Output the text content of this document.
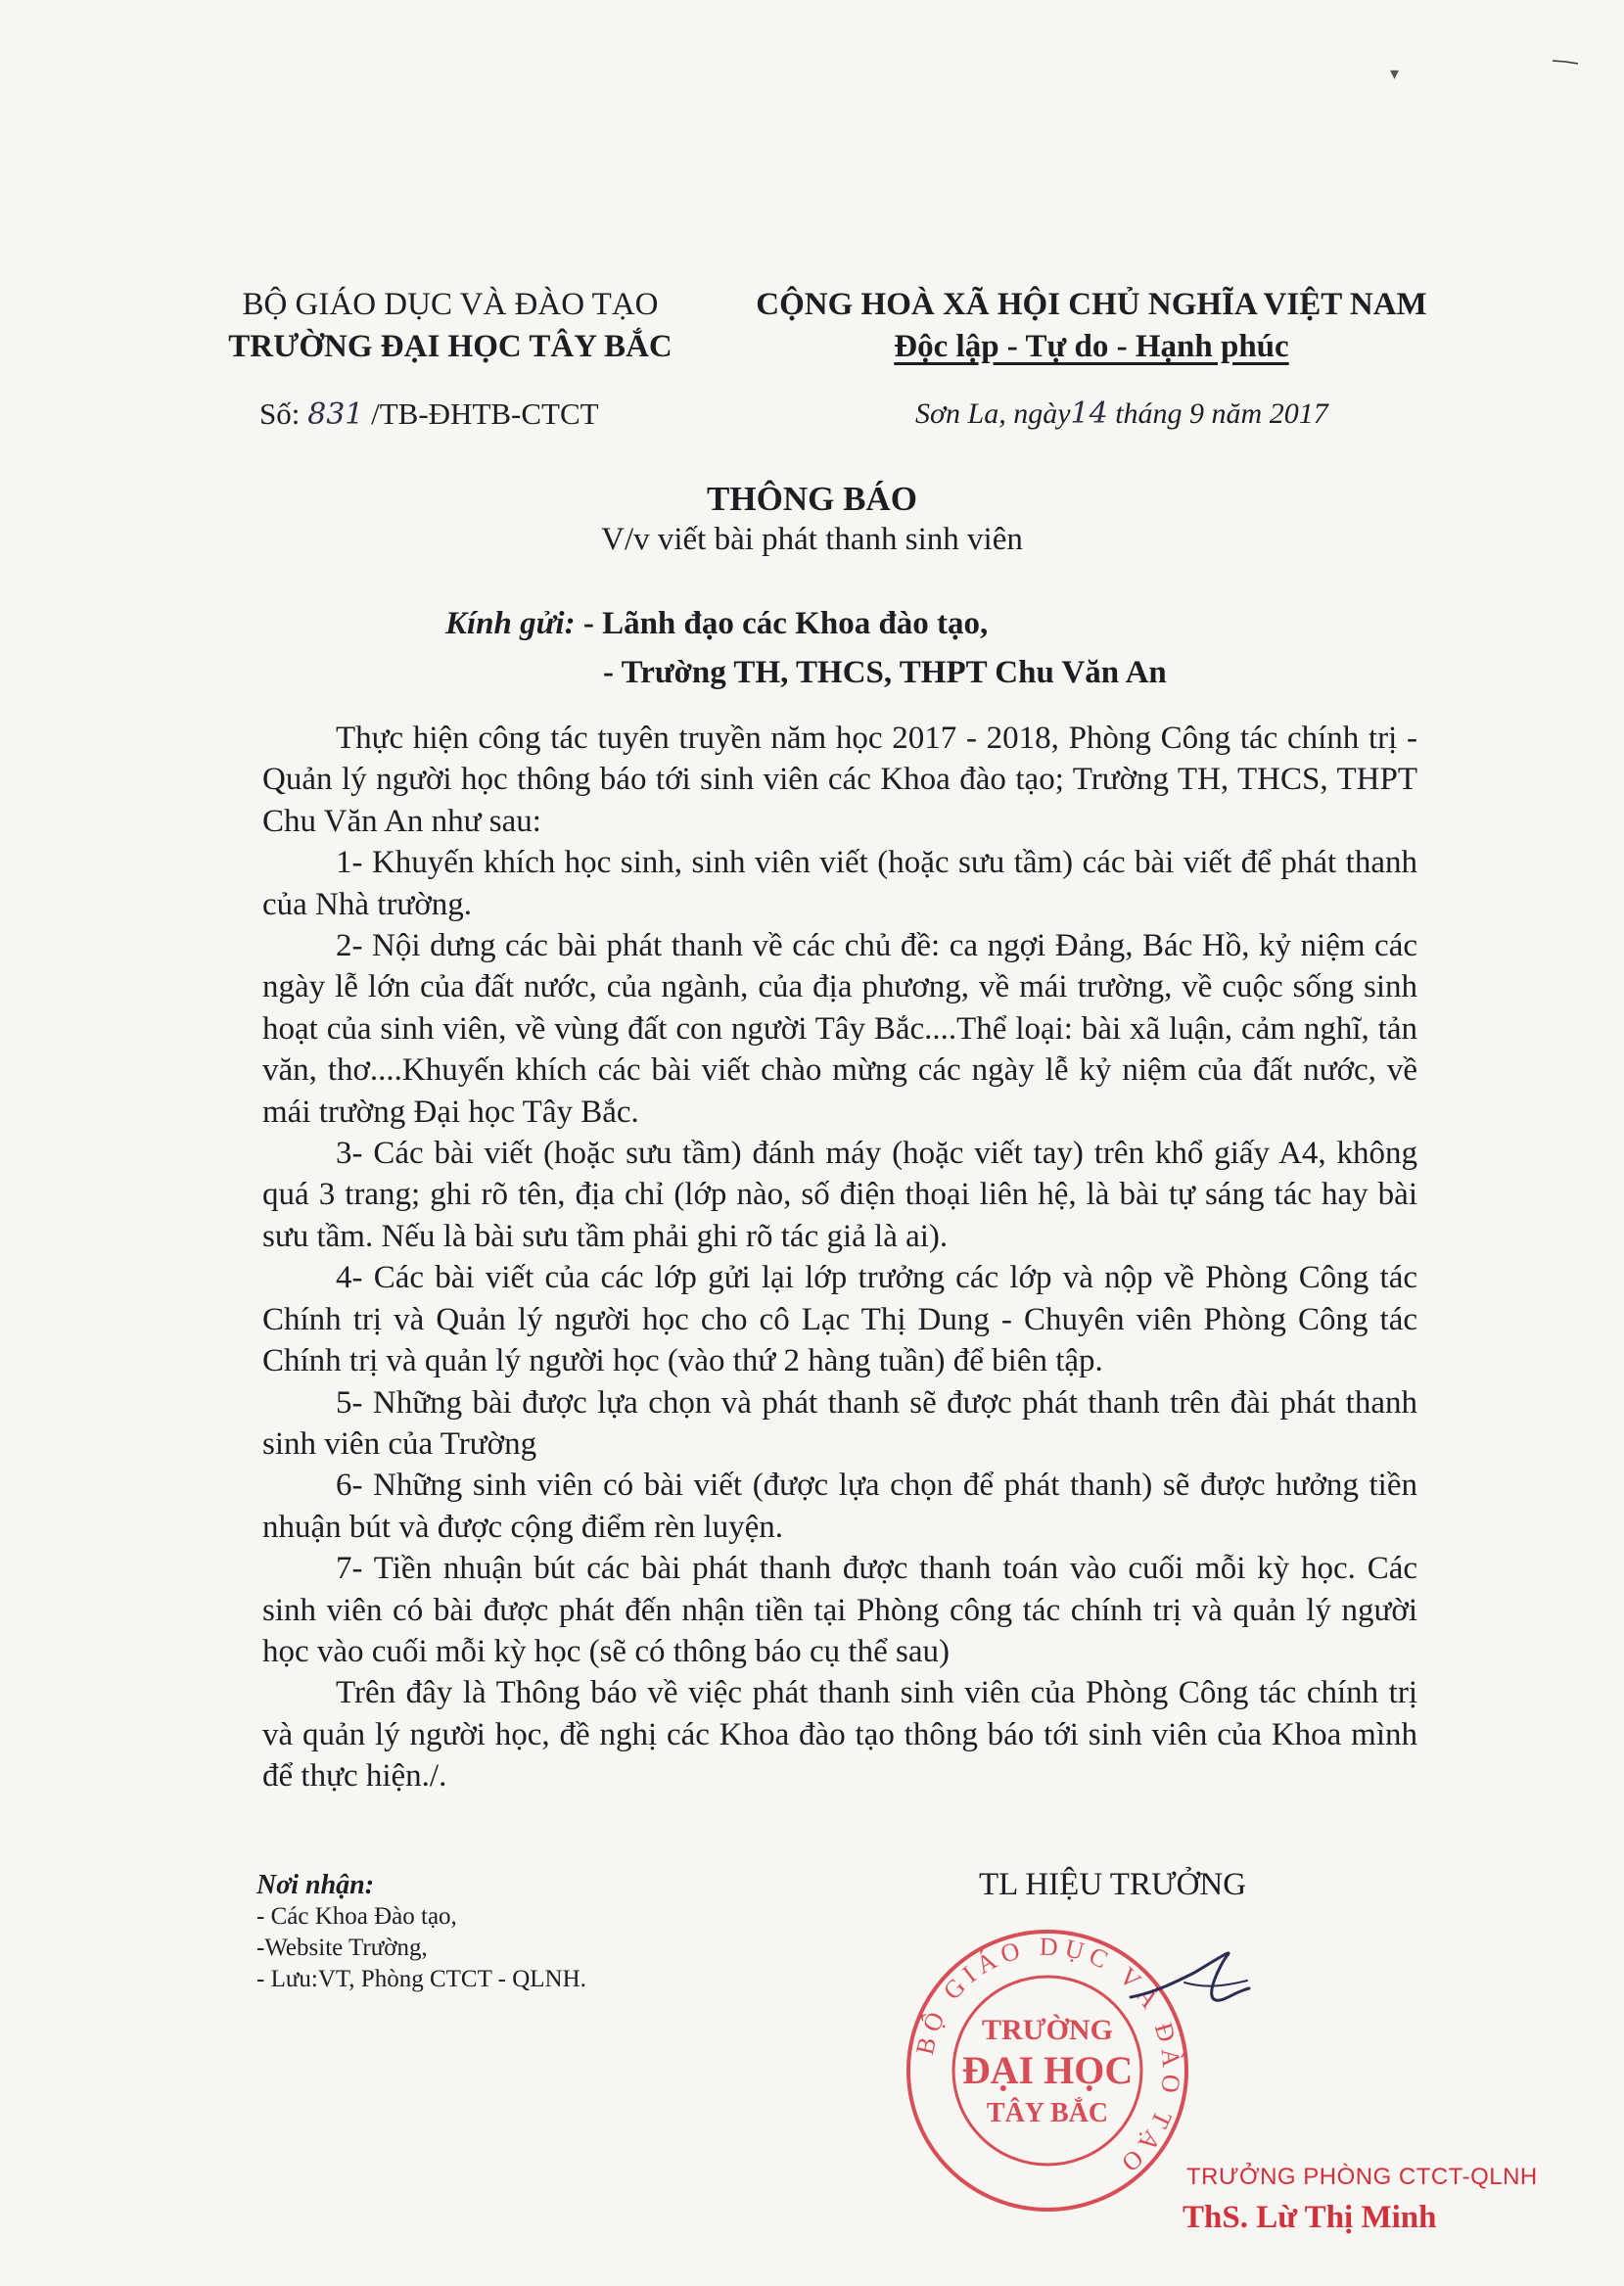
▾
BỘ GIÁO DỤC VÀ ĐÀO TẠO
TRƯỜNG ĐẠI HỌC TÂY BẮC
CỘNG HOÀ XÃ HỘI CHỦ NGHĨA VIỆT NAM
Độc lập - Tự do - Hạnh phúc
Số: 831 /TB-ĐHTB-CTCT	Sơn La, ngày14 tháng 9 năm 2017
THÔNG BÁO
V/v viết bài phát thanh sinh viên
Kính gửi: - Lãnh đạo các Khoa đào tạo,
- Trường TH, THCS, THPT Chu Văn An

Thực hiện công tác tuyên truyền năm học 2017 - 2018, Phòng Công tác chính trị - Quản lý người học thông báo tới sinh viên các Khoa đào tạo; Trường TH, THCS, THPT Chu Văn An như sau:

1- Khuyến khích học sinh, sinh viên viết (hoặc sưu tầm) các bài viết để phát thanh của Nhà trường.

2- Nội dưng các bài phát thanh về các chủ đề: ca ngợi Đảng, Bác Hồ, kỷ niệm các ngày lễ lớn của đất nước, của ngành, của địa phương, về mái trường, về cuộc sống sinh hoạt của sinh viên, về vùng đất con người Tây Bắc....Thể loại: bài xã luận, cảm nghĩ, tản văn, thơ....Khuyến khích các bài viết chào mừng các ngày lễ kỷ niệm của đất nước, về mái trường Đại học Tây Bắc.

3- Các bài viết (hoặc sưu tầm) đánh máy (hoặc viết tay) trên khổ giấy A4, không quá 3 trang; ghi rõ tên, địa chỉ (lớp nào, số điện thoại liên hệ, là bài tự sáng tác hay bài sưu tầm. Nếu là bài sưu tầm phải ghi rõ tác giả là ai).

4- Các bài viết của các lớp gửi lại lớp trưởng các lớp và nộp về Phòng Công tác Chính trị và Quản lý người học cho cô Lạc Thị Dung - Chuyên viên Phòng Công tác Chính trị và quản lý người học (vào thứ 2 hàng tuần) để biên tập.

5- Những bài được lựa chọn và phát thanh sẽ được phát thanh trên đài phát thanh sinh viên của Trường

6- Những sinh viên có bài viết (được lựa chọn để phát thanh) sẽ được hưởng tiền nhuận bút và được cộng điểm rèn luyện.

7- Tiền nhuận bút các bài phát thanh được thanh toán vào cuối mỗi kỳ học. Các sinh viên có bài được phát đến nhận tiền tại Phòng công tác chính trị và quản lý người học vào cuối mỗi kỳ học (sẽ có thông báo cụ thể sau)

Trên đây là Thông báo về việc phát thanh sinh viên của Phòng Công tác chính trị và quản lý người học, đề nghị các Khoa đào tạo thông báo tới sinh viên của Khoa mình để thực hiện./.

Nơi nhận:
- Các Khoa Đào tạo,
-Website Trường,
- Lưu:VT, Phòng CTCT - QLNH.
TL HIỆU TRƯỞNG
BỘ GIÁO DỤC VÀ ĐÀO TẠO
TRƯỜNG
ĐẠI HỌC
TÂY BẮC
TRƯỞNG PHÒNG CTCT-QLNH
ThS. Lừ Thị Minh
